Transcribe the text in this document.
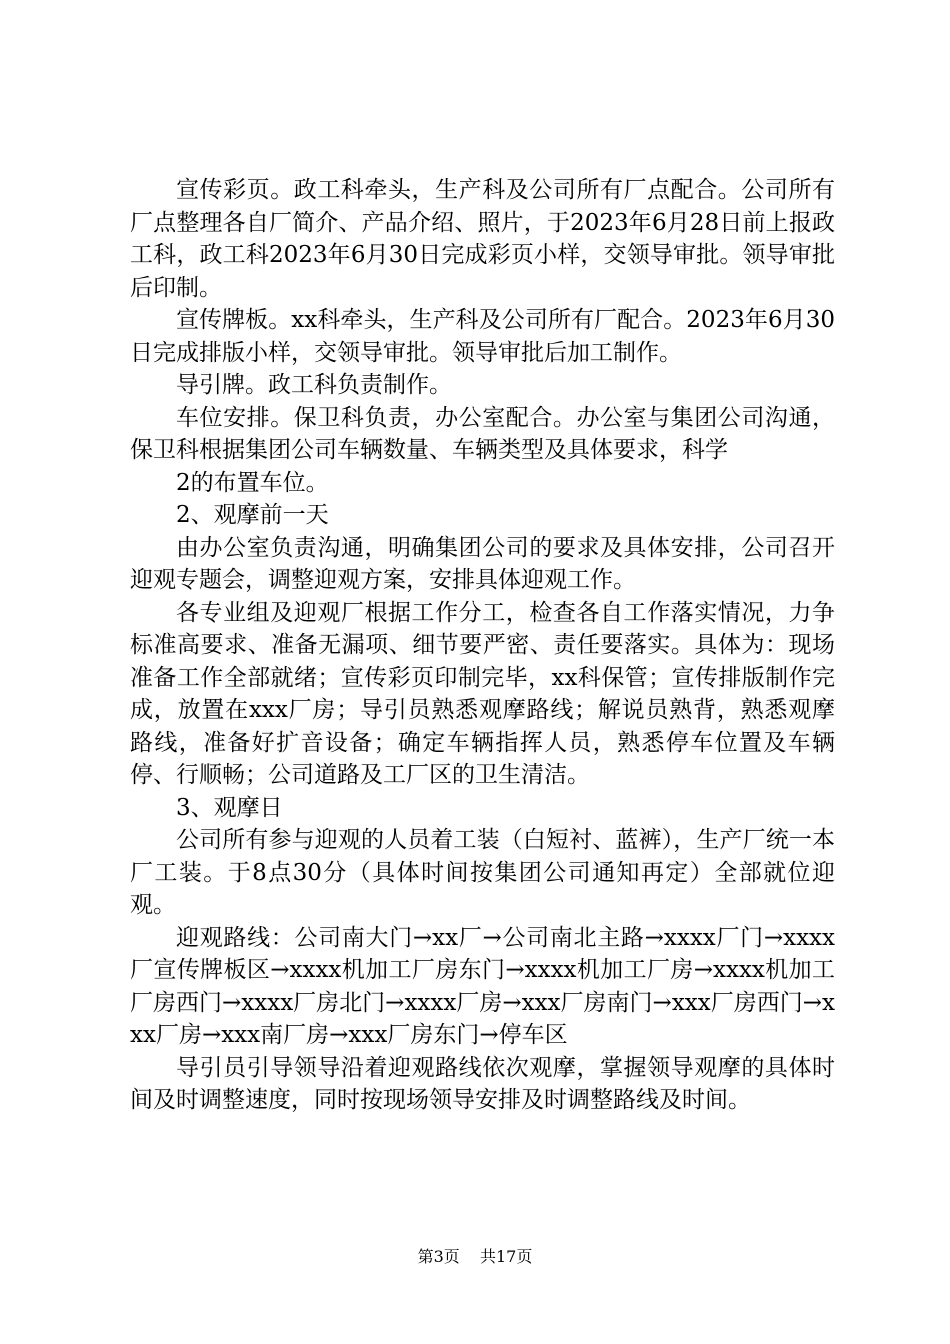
宣传彩页。政工科牵头，生产科及公司所有厂点配合。公司所有厂点整理各自厂简介、产品介绍、照片，于2023年6月28日前上报政工科，政工科2023年6月30日完成彩页小样，交领导审批。领导审批后印制。

宣传牌板。xx科牵头，生产科及公司所有厂配合。2023年6月30日完成排版小样，交领导审批。领导审批后加工制作。

导引牌。政工科负责制作。

车位安排。保卫科负责，办公室配合。办公室与集团公司沟通，保卫科根据集团公司车辆数量、车辆类型及具体要求，科学

2的布置车位。

2、观摩前一天

由办公室负责沟通，明确集团公司的要求及具体安排，公司召开迎观专题会，调整迎观方案，安排具体迎观工作。

各专业组及迎观厂根据工作分工，检查各自工作落实情况，力争标准高要求、准备无漏项、细节要严密、责任要落实。具体为：现场准备工作全部就绪；宣传彩页印制完毕，xx科保管；宣传排版制作完成，放置在xxx厂房；导引员熟悉观摩路线；解说员熟背，熟悉观摩路线，准备好扩音设备；确定车辆指挥人员，熟悉停车位置及车辆停、行顺畅；公司道路及工厂区的卫生清洁。

3、观摩日

公司所有参与迎观的人员着工装（白短衬、蓝裤），生产厂统一本厂工装。于8点30分（具体时间按集团公司通知再定）全部就位迎观。

迎观路线：公司南大门→xx厂→公司南北主路→xxxx厂门→xxxx厂宣传牌板区→xxxx机加工厂房东门→xxxx机加工厂房→xxxx机加工厂房西门→xxxx厂房北门→xxxx厂房→xxx厂房南门→xxx厂房西门→xxx厂房→xxx南厂房→xxx厂房东门→停车区

导引员引导领导沿着迎观路线依次观摩，掌握领导观摩的具体时间及时调整速度，同时按现场领导安排及时调整路线及时间。

第3页 共17页
